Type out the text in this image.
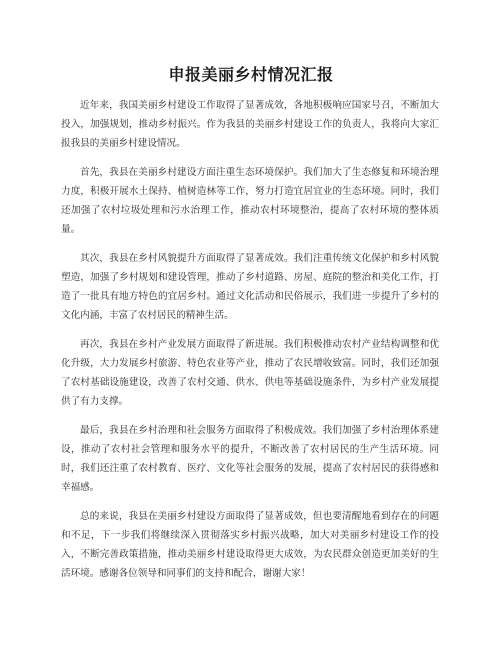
申报美丽乡村情况汇报

近年来，我国美丽乡村建设工作取得了显著成效，各地积极响应国家号召，不断加大投入，加强规划，推动乡村振兴。作为我县的美丽乡村建设工作的负责人，我将向大家汇报我县的美丽乡村建设情况。

首先，我县在美丽乡村建设方面注重生态环境保护。我们加大了生态修复和环境治理力度，积极开展水土保持、植树造林等工作，努力打造宜居宜业的生态环境。同时，我们还加强了农村垃圾处理和污水治理工作，推动农村环境整治，提高了农村环境的整体质量。

其次，我县在乡村风貌提升方面取得了显著成效。我们注重传统文化保护和乡村风貌塑造，加强了乡村规划和建设管理，推动了乡村道路、房屋、庭院的整治和美化工作，打造了一批具有地方特色的宜居乡村。通过文化活动和民俗展示，我们进一步提升了乡村的文化内涵，丰富了农村居民的精神生活。

再次，我县在乡村产业发展方面取得了新进展。我们积极推动农村产业结构调整和优化升级，大力发展乡村旅游、特色农业等产业，推动了农民增收致富。同时，我们还加强了农村基础设施建设，改善了农村交通、供水、供电等基础设施条件，为乡村产业发展提供了有力支撑。

最后，我县在乡村治理和社会服务方面取得了积极成效。我们加强了乡村治理体系建设，推动了农村社会管理和服务水平的提升，不断改善了农村居民的生产生活环境。同时，我们还注重了农村教育、医疗、文化等社会服务的发展，提高了农村居民的获得感和幸福感。

总的来说，我县在美丽乡村建设方面取得了显著成效，但也要清醒地看到存在的问题和不足，下一步我们将继续深入贯彻落实乡村振兴战略，加大对美丽乡村建设工作的投入，不断完善政策措施，推动美丽乡村建设取得更大成效，为农民群众创造更加美好的生活环境。感谢各位领导和同事们的支持和配合，谢谢大家！
